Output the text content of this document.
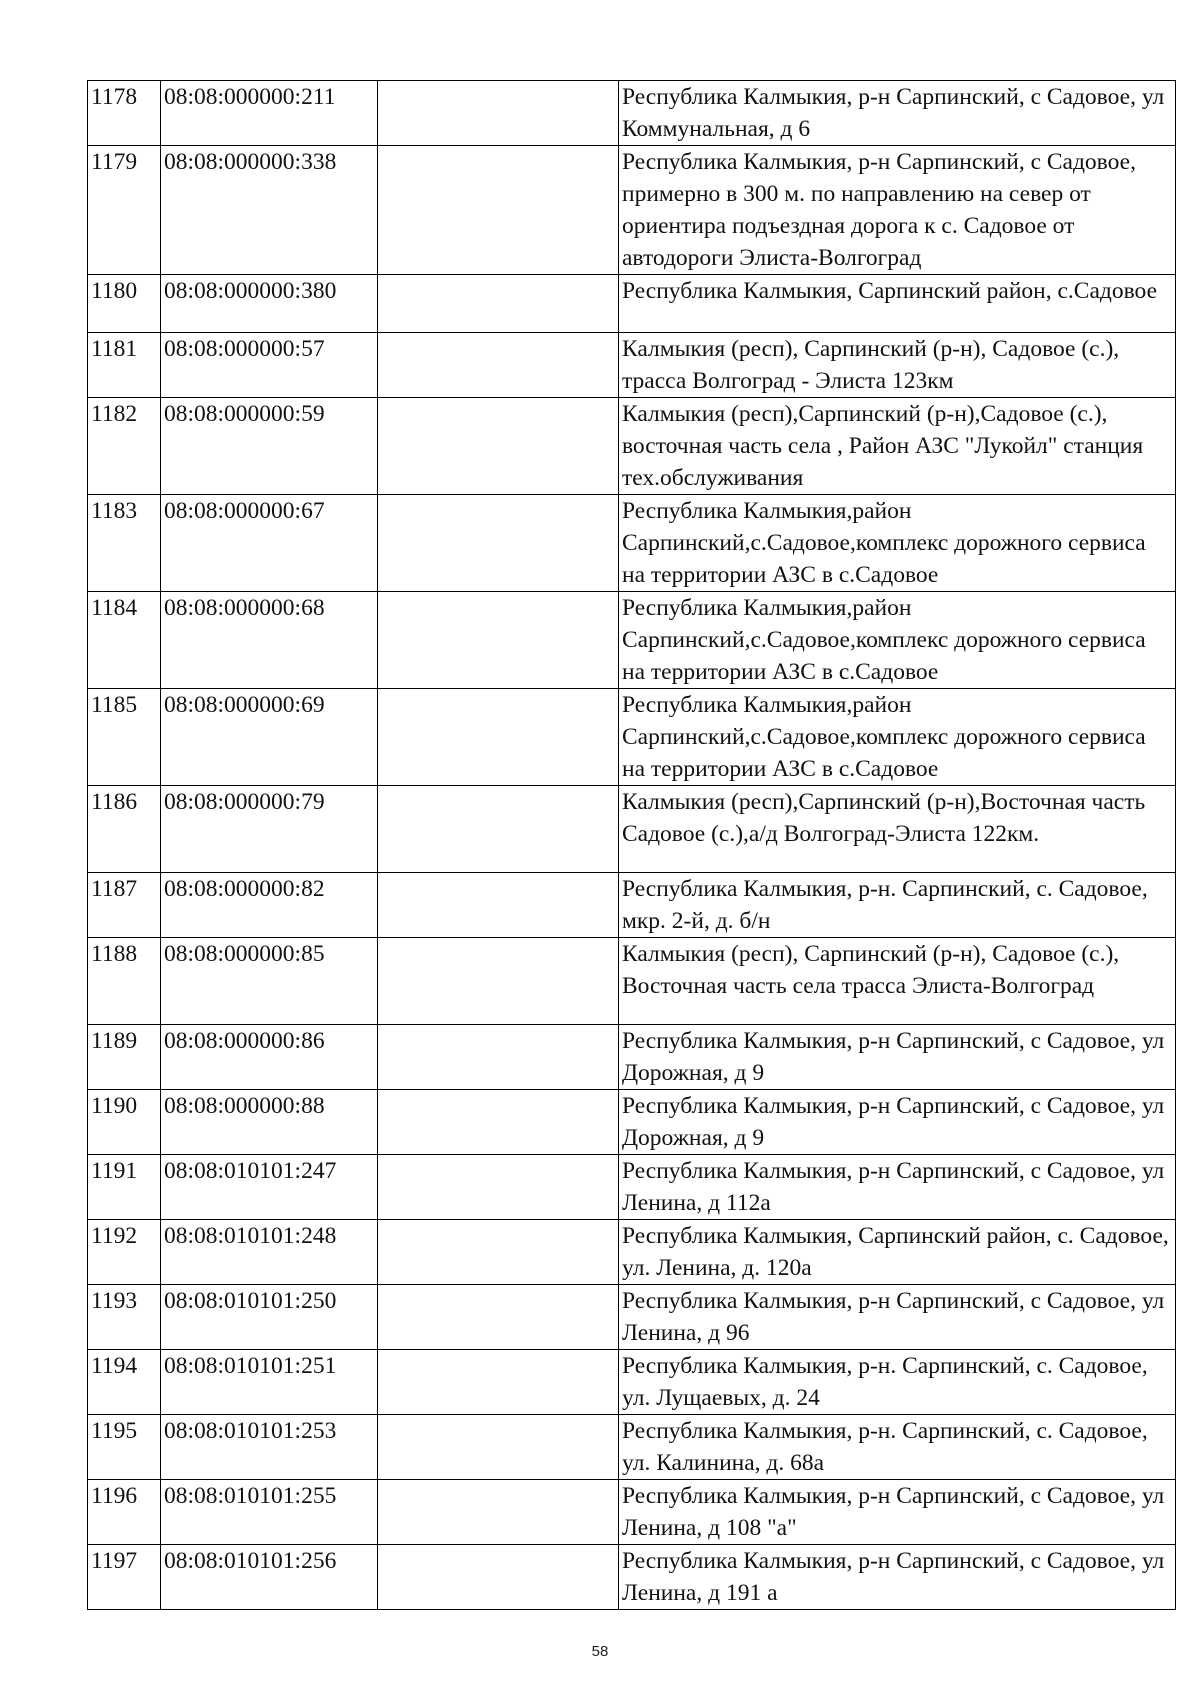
1178	08:08:000000:211		Республика Калмыкия, р-н Сарпинский, с Садовое, ул Коммунальная, д 6
1179	08:08:000000:338		Республика Калмыкия, р-н Сарпинский, с Садовое, примерно в 300 м. по направлению на север от ориентира подъездная дорога к с. Садовое от автодороги Элиста-Волгоград
1180	08:08:000000:380		Республика Калмыкия, Сарпинский район, с.Садовое
1181	08:08:000000:57		Калмыкия (респ), Сарпинский (р-н), Садовое (с.), трасса Волгоград - Элиста 123км
1182	08:08:000000:59		Калмыкия (респ),Сарпинский (р-н),Садовое (с.), восточная часть села , Район АЗС "Лукойл" станция тех.обслуживания
1183	08:08:000000:67		Республика Калмыкия,район Сарпинский,с.Садовое,комплекс дорожного сервиса на территории АЗС в с.Садовое
1184	08:08:000000:68		Республика Калмыкия,район Сарпинский,с.Садовое,комплекс дорожного сервиса на территории АЗС в с.Садовое
1185	08:08:000000:69		Республика Калмыкия,район Сарпинский,с.Садовое,комплекс дорожного сервиса на территории АЗС в с.Садовое
1186	08:08:000000:79		Калмыкия (респ),Сарпинский (р-н),Восточная часть Садовое (с.),а/д Волгоград-Элиста 122км.
1187	08:08:000000:82		Республика Калмыкия, р-н. Сарпинский, с. Садовое, мкр. 2-й, д. б/н
1188	08:08:000000:85		Калмыкия (респ), Сарпинский (р-н), Садовое (с.), Восточная часть села трасса Элиста-Волгоград
1189	08:08:000000:86		Республика Калмыкия, р-н Сарпинский, с Садовое, ул Дорожная, д 9
1190	08:08:000000:88		Республика Калмыкия, р-н Сарпинский, с Садовое, ул Дорожная, д 9
1191	08:08:010101:247		Республика Калмыкия, р-н Сарпинский, с Садовое, ул Ленина, д 112а
1192	08:08:010101:248		Республика Калмыкия, Сарпинский район, с. Садовое, ул. Ленина, д. 120а
1193	08:08:010101:250		Республика Калмыкия, р-н Сарпинский, с Садовое, ул Ленина, д 96
1194	08:08:010101:251		Республика Калмыкия, р-н. Сарпинский, с. Садовое, ул. Лущаевых, д. 24
1195	08:08:010101:253		Республика Калмыкия, р-н. Сарпинский, с. Садовое, ул. Калинина, д. 68а
1196	08:08:010101:255		Республика Калмыкия, р-н Сарпинский, с Садовое, ул Ленина, д 108 "а"
1197	08:08:010101:256		Республика Калмыкия, р-н Сарпинский, с Садовое, ул Ленина, д 191 а
58
